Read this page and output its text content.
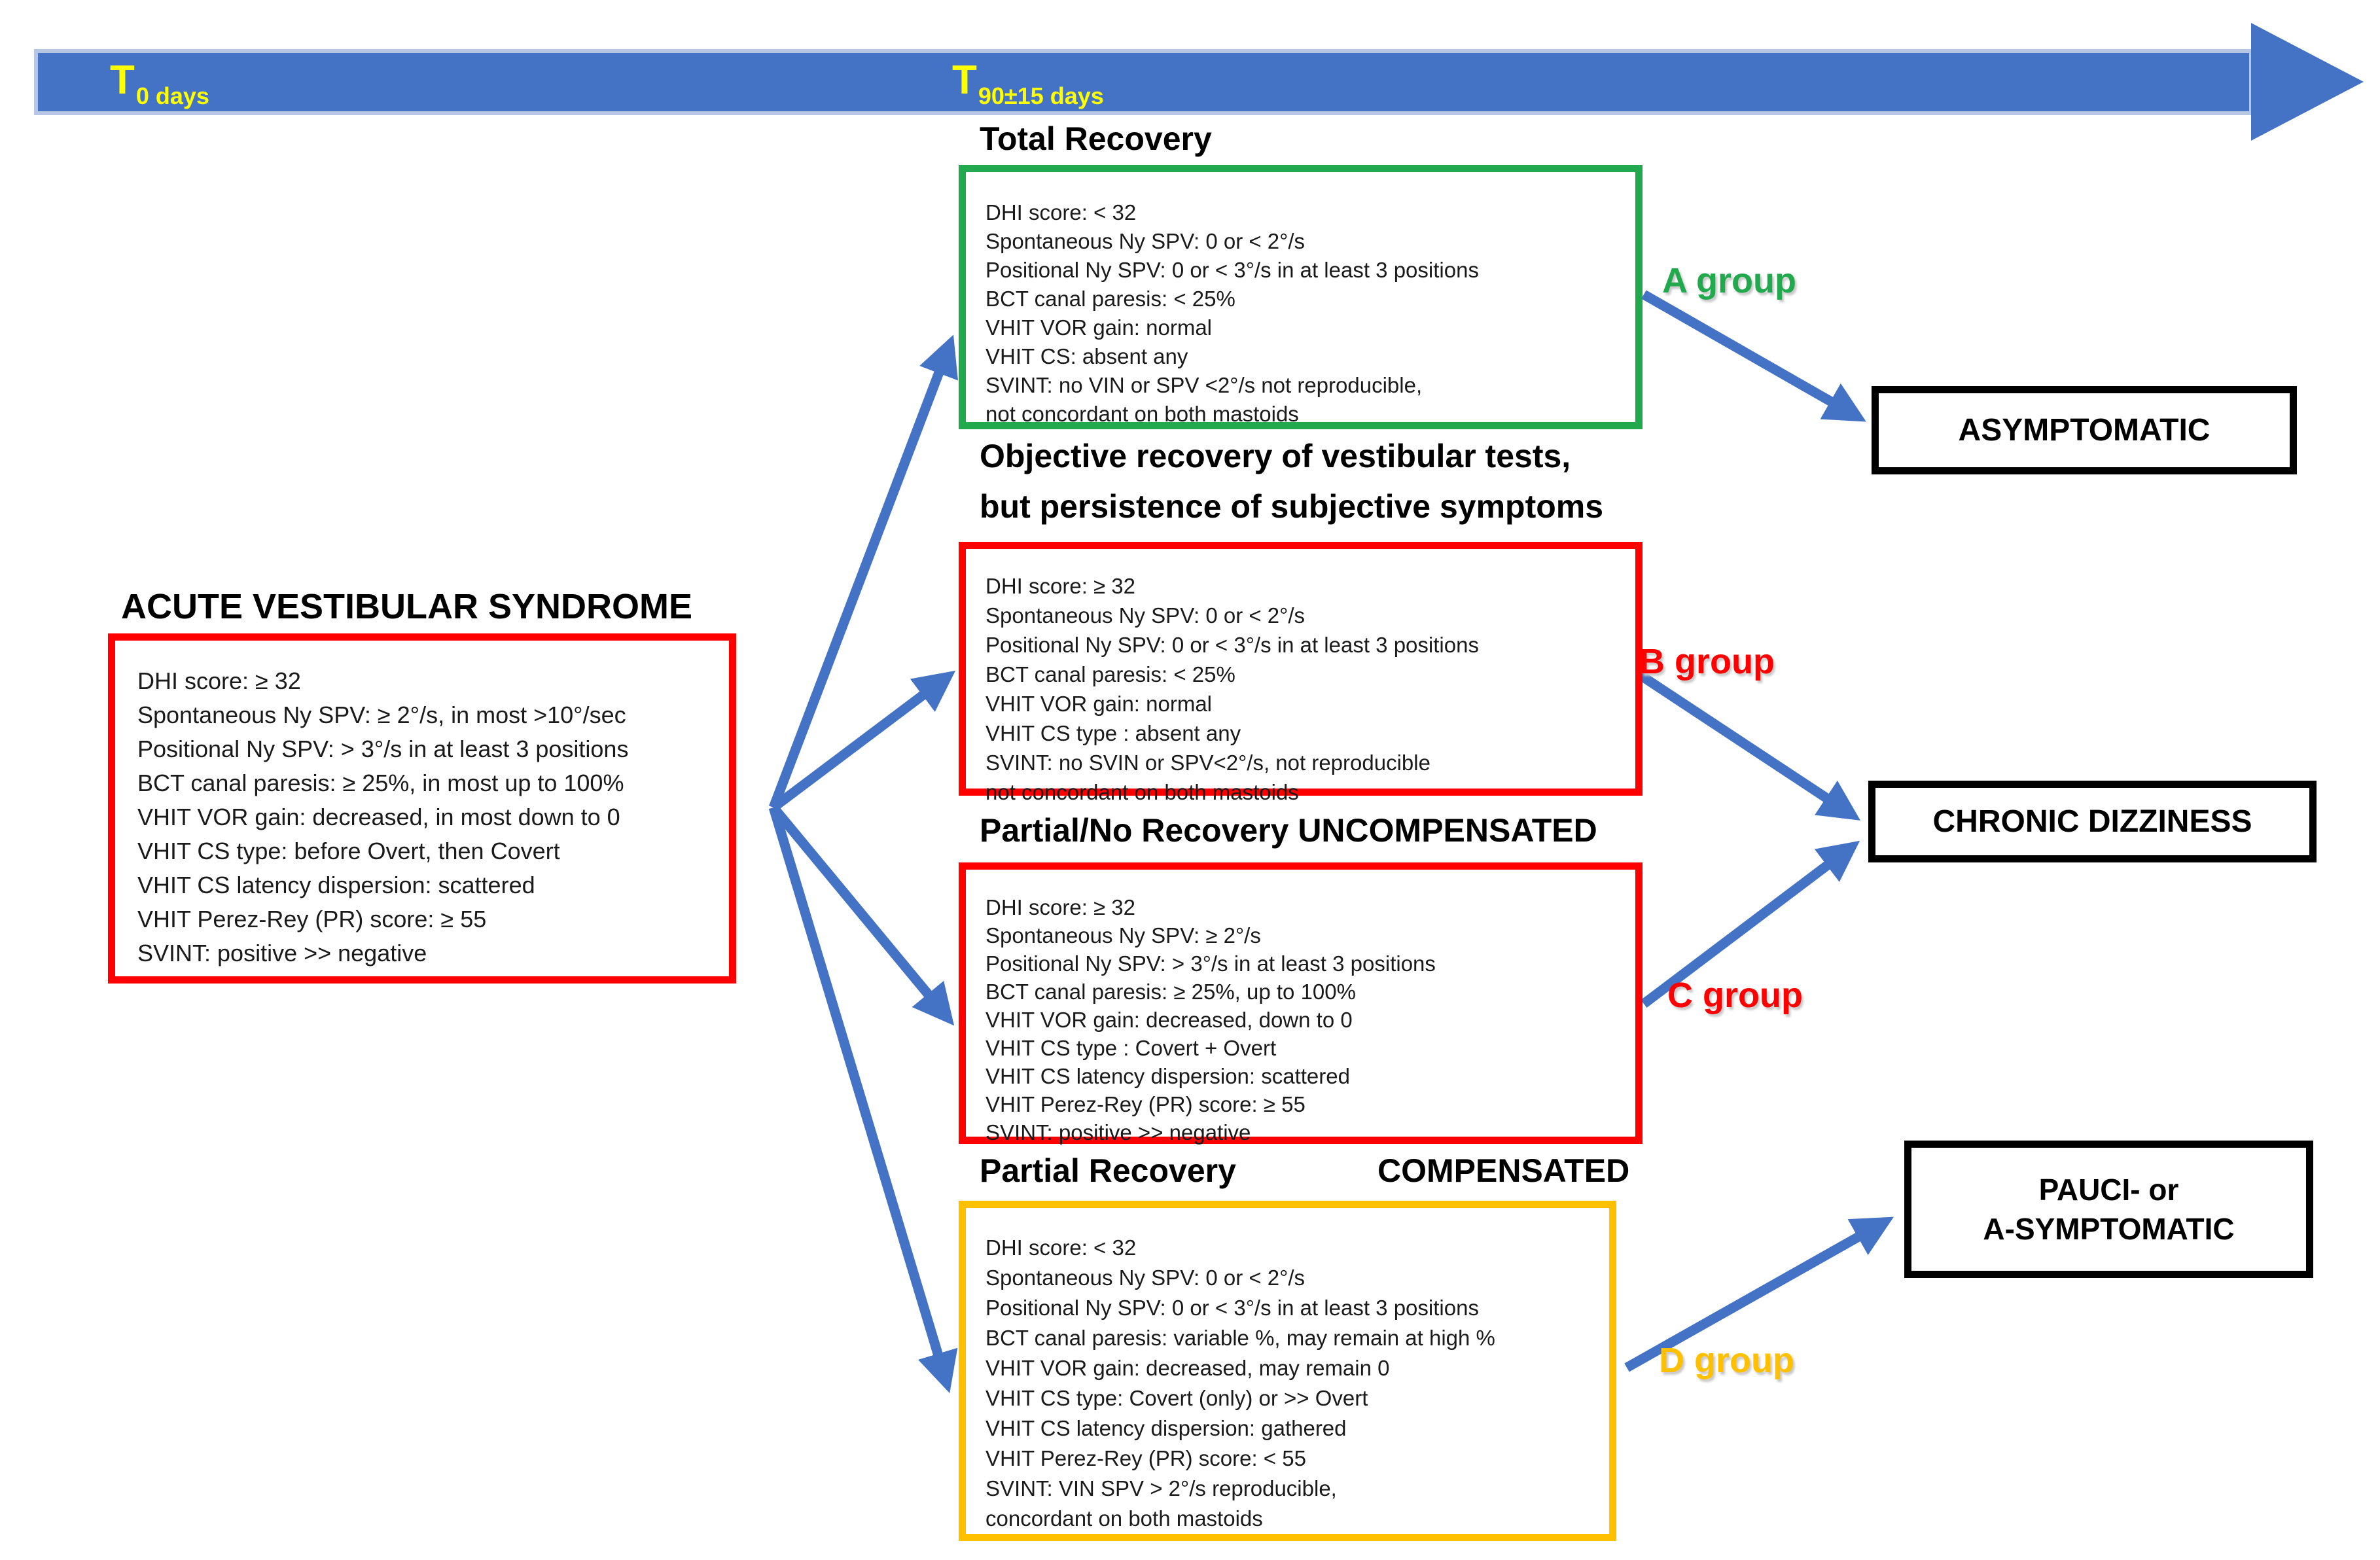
T0 days	T90±15 days
ACUTE VESTIBULAR SYNDROME
DHI score: ≥ 32
Spontaneous Ny SPV: ≥ 2°/s, in most >10°/sec
Positional Ny SPV: > 3°/s in at least 3 positions
BCT canal paresis: ≥ 25%, in most up to 100%
VHIT VOR gain: decreased, in most down to 0
VHIT CS type: before Overt, then Covert
VHIT CS latency dispersion: scattered
VHIT Perez-Rey (PR) score: ≥ 55
SVINT: positive >> negative
Total Recovery
DHI score: < 32
Spontaneous Ny SPV: 0 or < 2°/s
Positional Ny SPV: 0 or < 3°/s in at least 3 positions
BCT canal paresis: < 25%
VHIT VOR gain: normal
VHIT CS: absent any
SVINT: no VIN or SPV <2°/s not reproducible,
not concordant on both mastoids
Objective recovery of vestibular tests,
but persistence of subjective symptoms
DHI score: ≥ 32
Spontaneous Ny SPV: 0 or < 2°/s
Positional Ny SPV: 0 or < 3°/s in at least 3 positions
BCT canal paresis: < 25%
VHIT VOR gain: normal
VHIT CS type : absent any
SVINT: no SVIN or SPV<2°/s, not reproducible
not concordant on both mastoids
Partial/No Recovery UNCOMPENSATED
DHI score: ≥ 32
Spontaneous Ny SPV: ≥ 2°/s
Positional Ny SPV: > 3°/s in at least 3 positions
BCT canal paresis: ≥ 25%, up to 100%
VHIT VOR gain: decreased, down to 0
VHIT CS type : Covert + Overt
VHIT CS latency dispersion: scattered
VHIT Perez-Rey (PR) score: ≥ 55
SVINT: positive >> negative
Partial Recovery	COMPENSATED
DHI score: < 32
Spontaneous Ny SPV: 0 or < 2°/s
Positional Ny SPV: 0 or < 3°/s in at least 3 positions
BCT canal paresis: variable %, may remain at high %
VHIT VOR gain: decreased, may remain 0
VHIT CS type: Covert (only) or >> Overt
VHIT CS latency dispersion: gathered
VHIT Perez-Rey (PR) score: < 55
SVINT: VIN SPV > 2°/s reproducible,
concordant on both mastoids
A group
B group
C group
D group
ASYMPTOMATIC
CHRONIC DIZZINESS
PAUCI- or
A-SYMPTOMATIC
